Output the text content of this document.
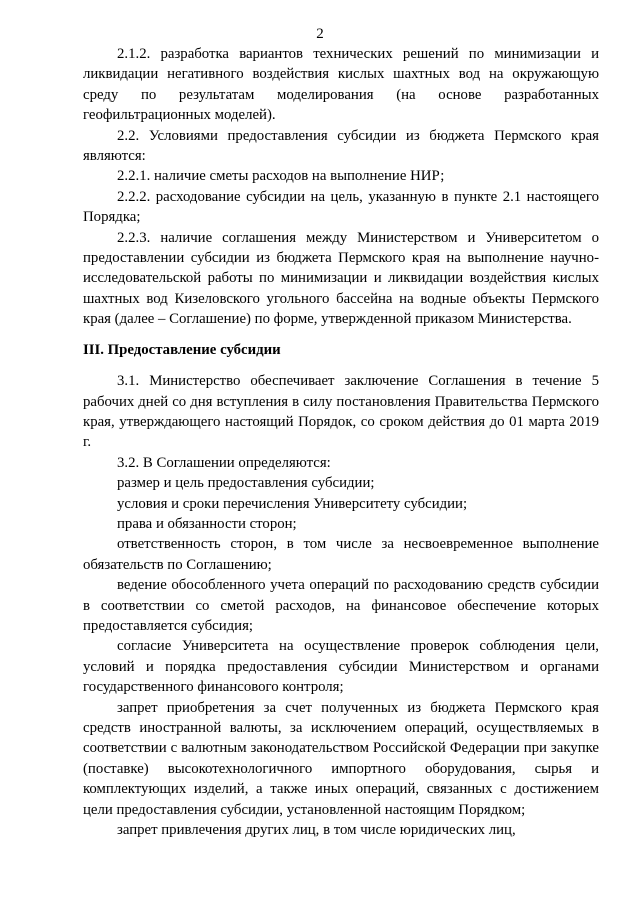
2

2.1.2. разработка вариантов технических решений по минимизации и ликвидации негативного воздействия кислых шахтных вод на окружающую среду по результатам моделирования (на основе разработанных геофильтрационных моделей).

2.2. Условиями предоставления субсидии из бюджета Пермского края являются:

2.2.1. наличие сметы расходов на выполнение НИР;

2.2.2. расходование субсидии на цель, указанную в пункте 2.1 настоящего Порядка;

2.2.3. наличие соглашения между Министерством и Университетом о предоставлении субсидии из бюджета Пермского края на выполнение научно-исследовательской работы по минимизации и ликвидации воздействия кислых шахтных вод Кизеловского угольного бассейна на водные объекты Пермского края (далее – Соглашение) по форме, утвержденной приказом Министерства.

III. Предоставление субсидии

3.1. Министерство обеспечивает заключение Соглашения в течение 5 рабочих дней со дня вступления в силу постановления Правительства Пермского края, утверждающего настоящий Порядок, со сроком действия до 01 марта 2019 г.

3.2. В Соглашении определяются:

размер и цель предоставления субсидии;

условия и сроки перечисления Университету субсидии;

права и обязанности сторон;

ответственность сторон, в том числе за несвоевременное выполнение обязательств по Соглашению;

ведение обособленного учета операций по расходованию средств субсидии в соответствии со сметой расходов, на финансовое обеспечение которых предоставляется субсидия;

согласие Университета на осуществление проверок соблюдения цели, условий и порядка предоставления субсидии Министерством и органами государственного финансового контроля;

запрет приобретения за счет полученных из бюджета Пермского края средств иностранной валюты, за исключением операций, осуществляемых в соответствии с валютным законодательством Российской Федерации при закупке (поставке) высокотехнологичного импортного оборудования, сырья и комплектующих изделий, а также иных операций, связанных с достижением цели предоставления субсидии, установленной настоящим Порядком;

запрет привлечения других лиц, в том числе юридических лиц,
